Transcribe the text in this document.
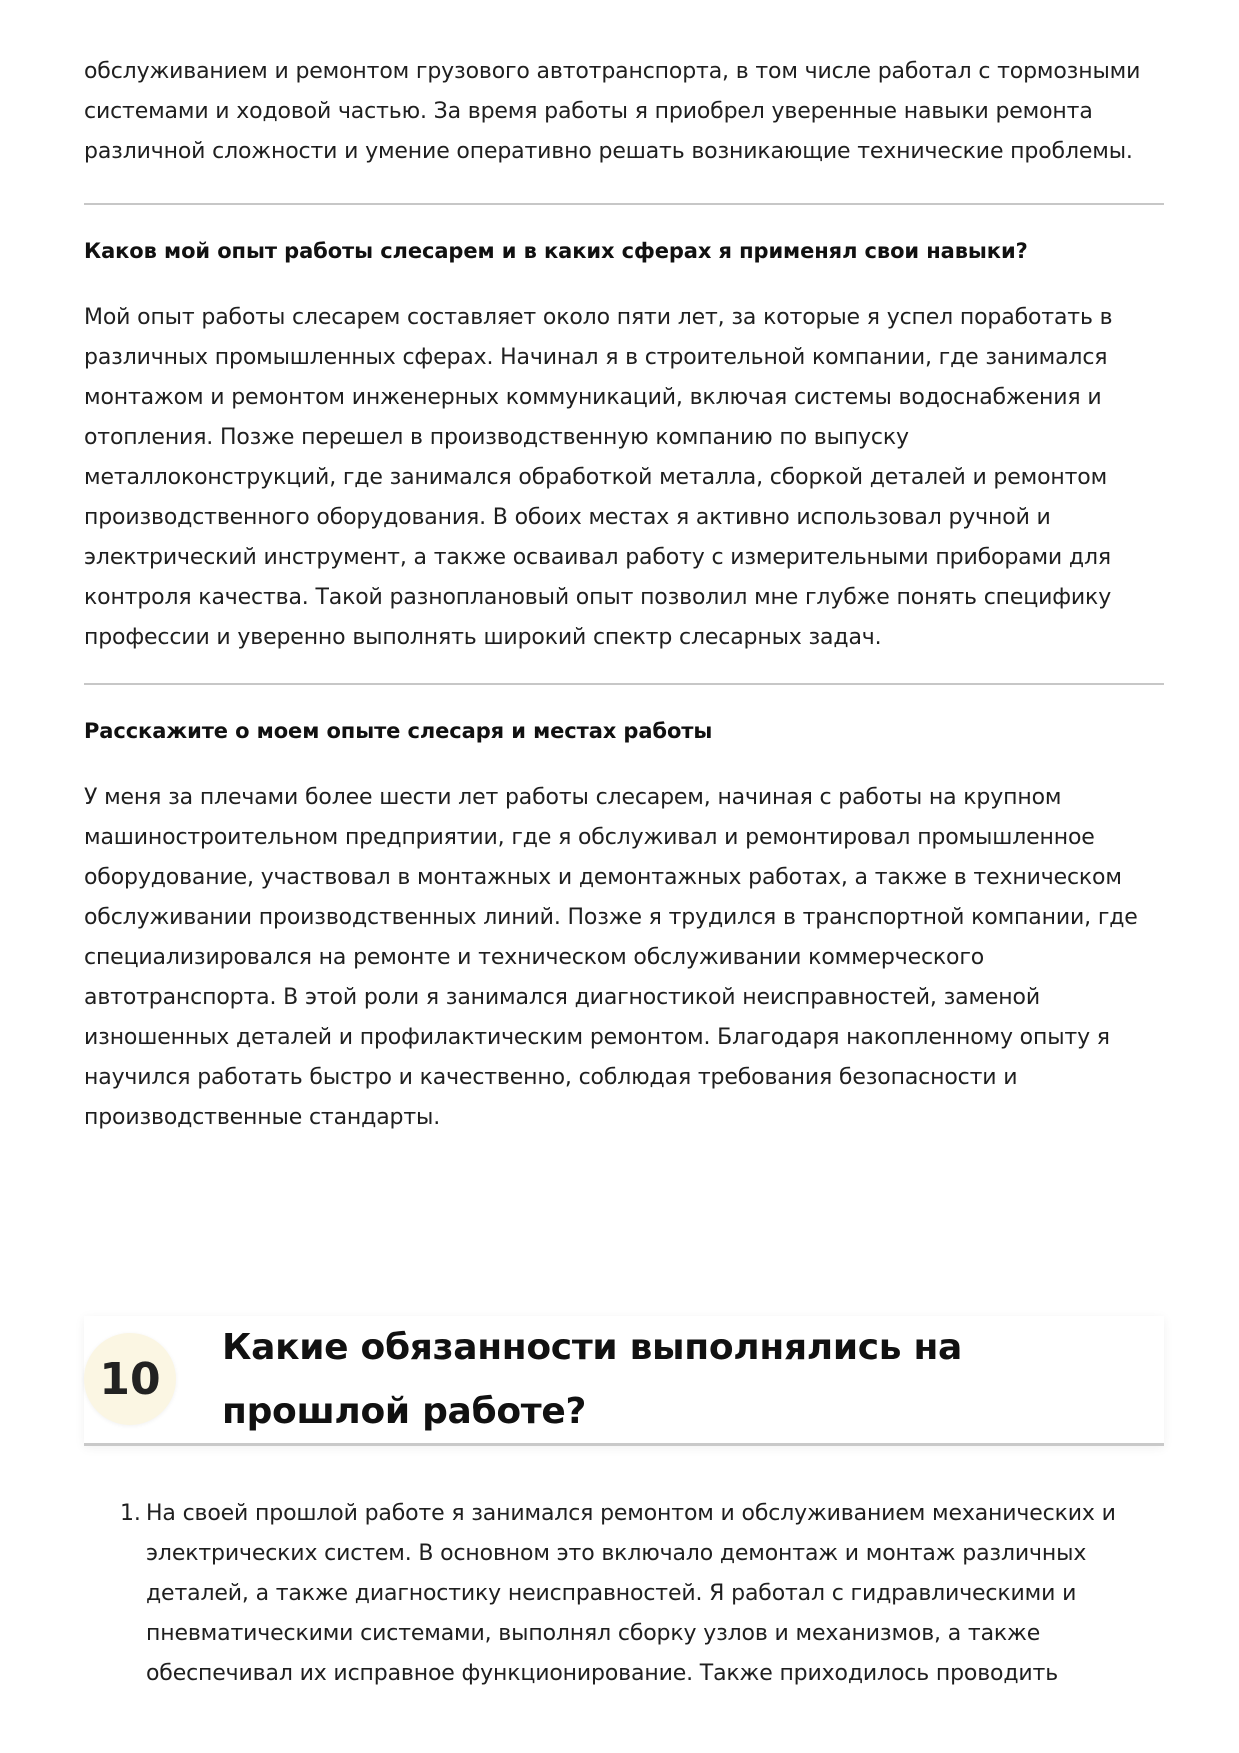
обслуживанием и ремонтом грузового автотранспорта, в том числе работал с тормозными системами и ходовой частью. За время работы я приобрел уверенные навыки ремонта различной сложности и умение оперативно решать возникающие технические проблемы.

Каков мой опыт работы слесарем и в каких сферах я применял свои навыки?

Мой опыт работы слесарем составляет около пяти лет, за которые я успел поработать в различных промышленных сферах. Начинал я в строительной компании, где занимался монтажом и ремонтом инженерных коммуникаций, включая системы водоснабжения и отопления. Позже перешел в производственную компанию по выпуску металлоконструкций, где занимался обработкой металла, сборкой деталей и ремонтом производственного оборудования. В обоих местах я активно использовал ручной и электрический инструмент, а также осваивал работу с измерительными приборами для контроля качества. Такой разноплановый опыт позволил мне глубже понять специфику профессии и уверенно выполнять широкий спектр слесарных задач.

Расскажите о моем опыте слесаря и местах работы

У меня за плечами более шести лет работы слесарем, начиная с работы на крупном машиностроительном предприятии, где я обслуживал и ремонтировал промышленное оборудование, участвовал в монтажных и демонтажных работах, а также в техническом обслуживании производственных линий. Позже я трудился в транспортной компании, где специализировался на ремонте и техническом обслуживании коммерческого автотранспорта. В этой роли я занимался диагностикой неисправностей, заменой изношенных деталей и профилактическим ремонтом. Благодаря накопленному опыту я научился работать быстро и качественно, соблюдая требования безопасности и производственные стандарты.

10
Какие обязанности выполнялись на прошлой работе?
1. На своей прошлой работе я занимался ремонтом и обслуживанием механических и электрических систем. В основном это включало демонтаж и монтаж различных деталей, а также диагностику неисправностей. Я работал с гидравлическими и пневматическими системами, выполнял сборку узлов и механизмов, а также обеспечивал их исправное функционирование. Также приходилось проводить
